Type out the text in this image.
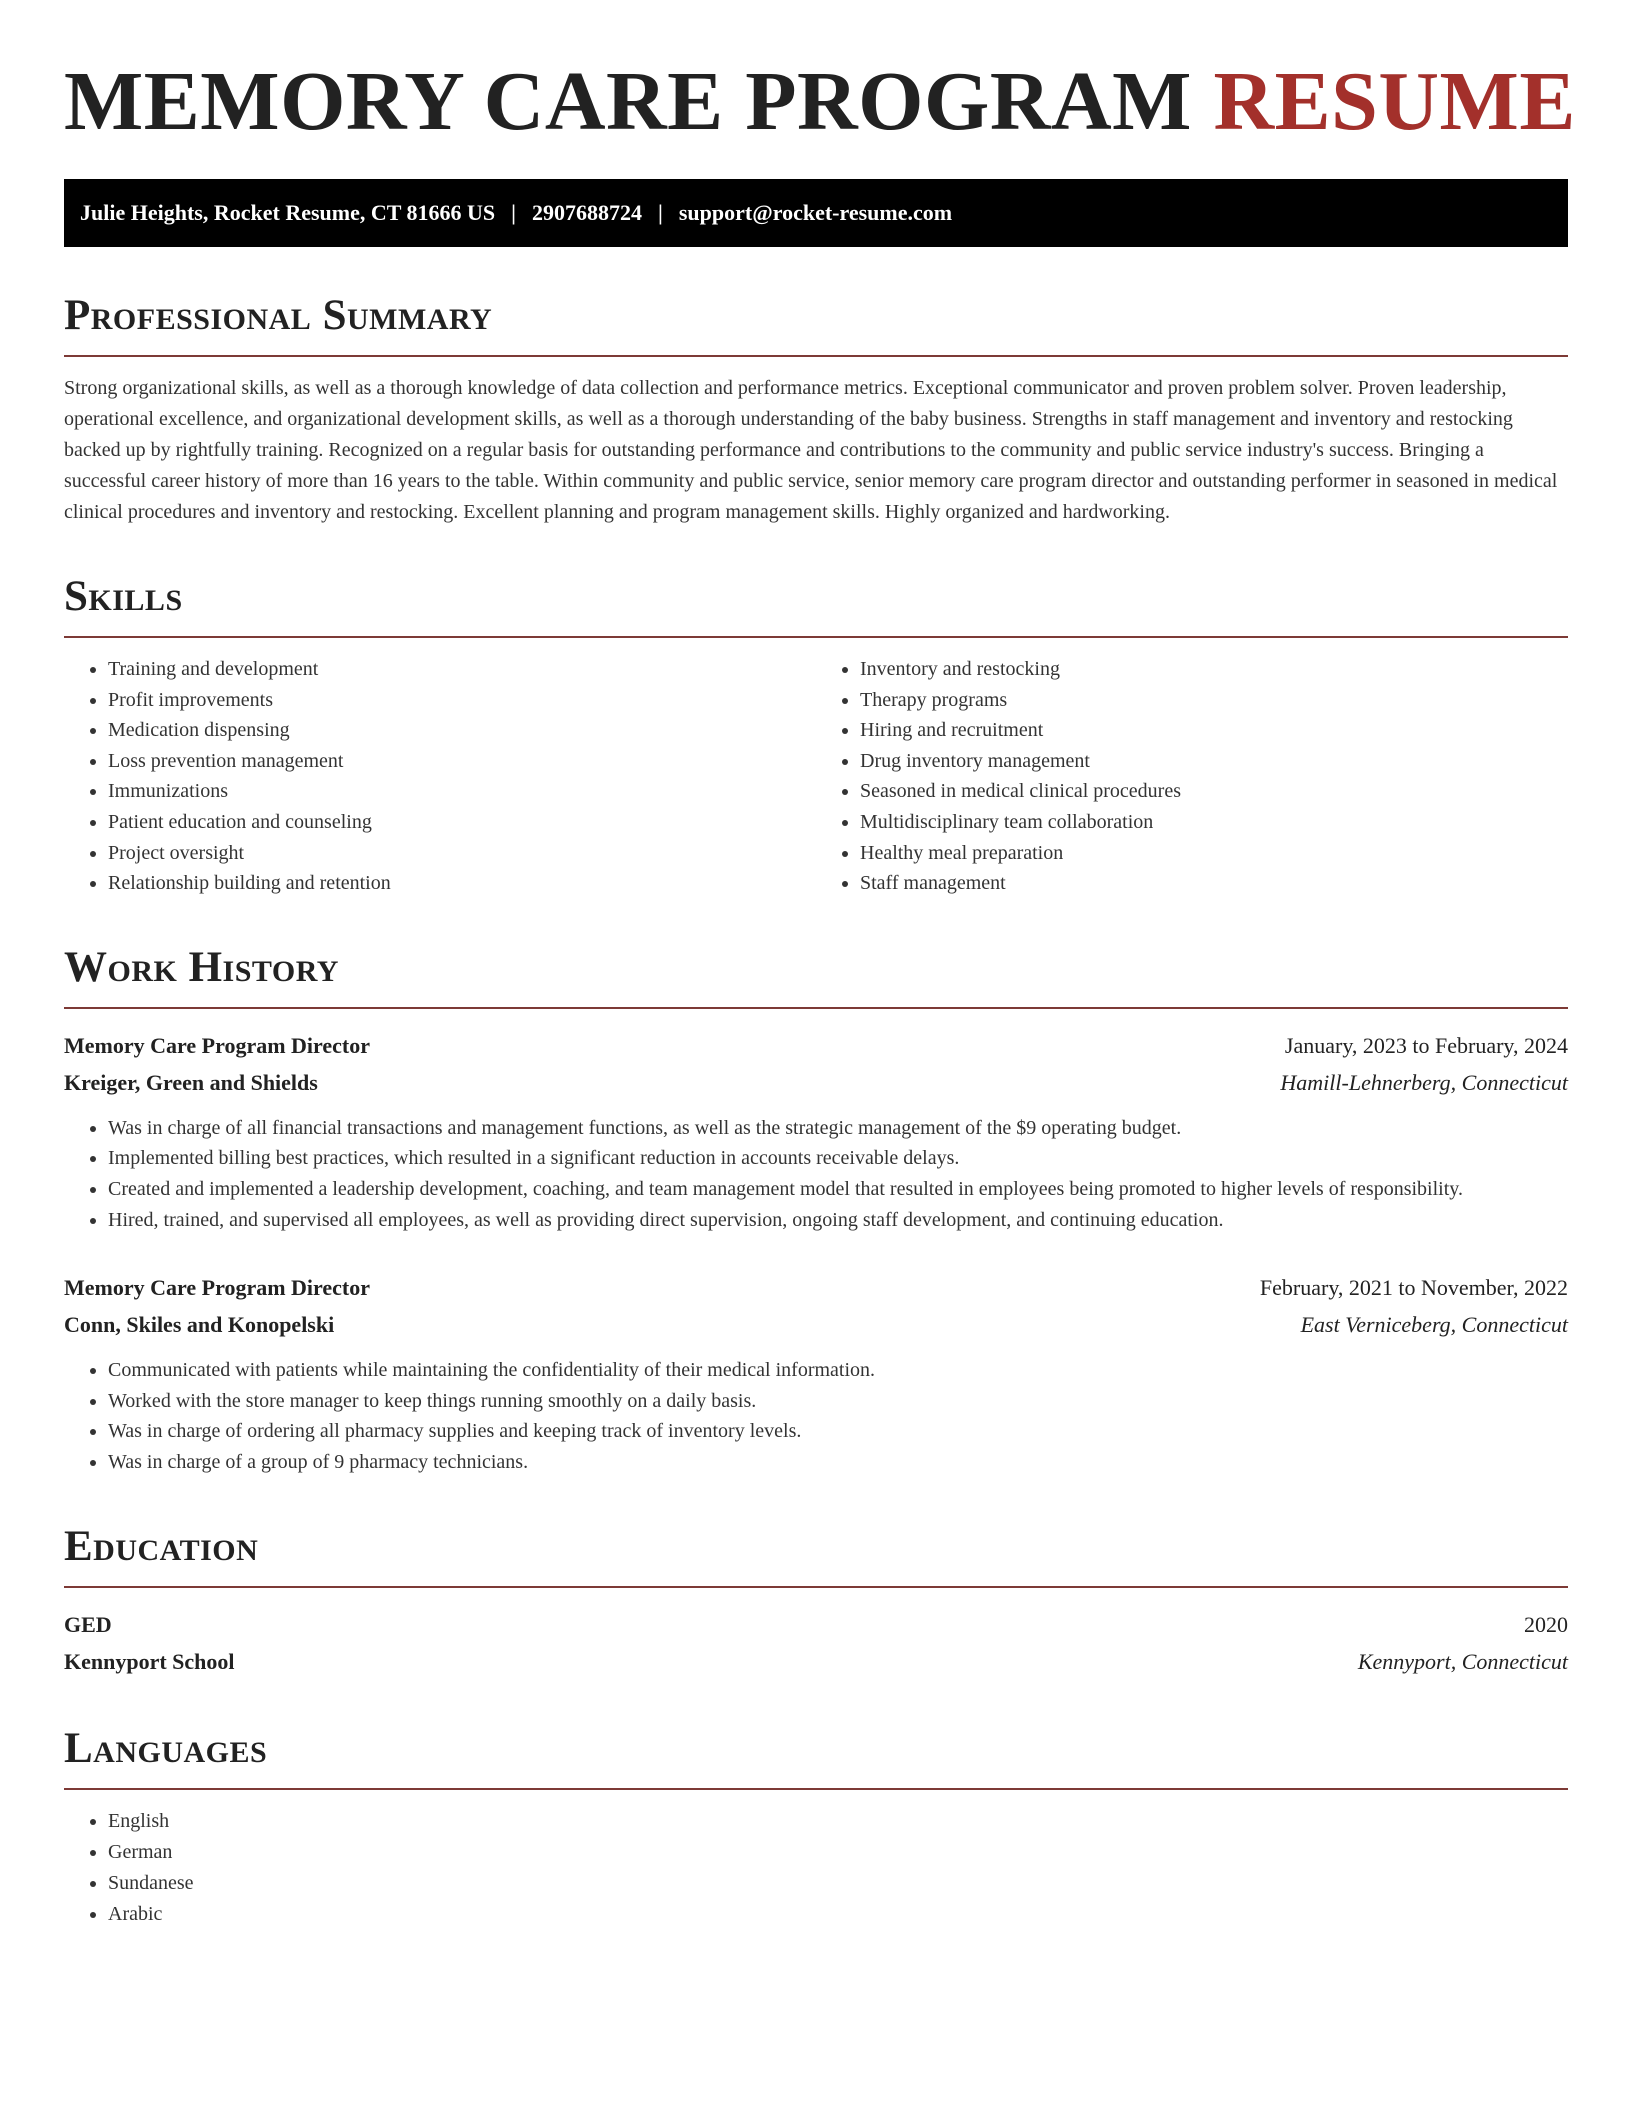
MEMORY CARE PROGRAM RESUME
Julie Heights, Rocket Resume, CT 81666 US | 2907688724 | support@rocket-resume.com
Professional Summary

Strong organizational skills, as well as a thorough knowledge of data collection and performance metrics. Exceptional communicator and proven problem solver. Proven leadership, operational excellence, and organizational development skills, as well as a thorough understanding of the baby business. Strengths in staff management and inventory and restocking backed up by rightfully training. Recognized on a regular basis for outstanding performance and contributions to the community and public service industry's success. Bringing a successful career history of more than 16 years to the table. Within community and public service, senior memory care program director and outstanding performer in seasoned in medical clinical procedures and inventory and restocking. Excellent planning and program management skills. Highly organized and hardworking.

Skills
• Training and development
• Profit improvements
• Medication dispensing
• Loss prevention management
• Immunizations
• Patient education and counseling
• Project oversight
• Relationship building and retention
• Inventory and restocking
• Therapy programs
• Hiring and recruitment
• Drug inventory management
• Seasoned in medical clinical procedures
• Multidisciplinary team collaboration
• Healthy meal preparation
• Staff management
Work History
Memory Care Program Director	January, 2023 to February, 2024
Kreiger, Green and Shields	Hamill-Lehnerberg, Connecticut
• Was in charge of all financial transactions and management functions, as well as the strategic management of the $9 operating budget.
• Implemented billing best practices, which resulted in a significant reduction in accounts receivable delays.
• Created and implemented a leadership development, coaching, and team management model that resulted in employees being promoted to higher levels of responsibility.
• Hired, trained, and supervised all employees, as well as providing direct supervision, ongoing staff development, and continuing education.
Memory Care Program Director	February, 2021 to November, 2022
Conn, Skiles and Konopelski	East Verniceberg, Connecticut
• Communicated with patients while maintaining the confidentiality of their medical information.
• Worked with the store manager to keep things running smoothly on a daily basis.
• Was in charge of ordering all pharmacy supplies and keeping track of inventory levels.
• Was in charge of a group of 9 pharmacy technicians.
Education
GED	2020
Kennyport School	Kennyport, Connecticut
Languages
• English
• German
• Sundanese
• Arabic
